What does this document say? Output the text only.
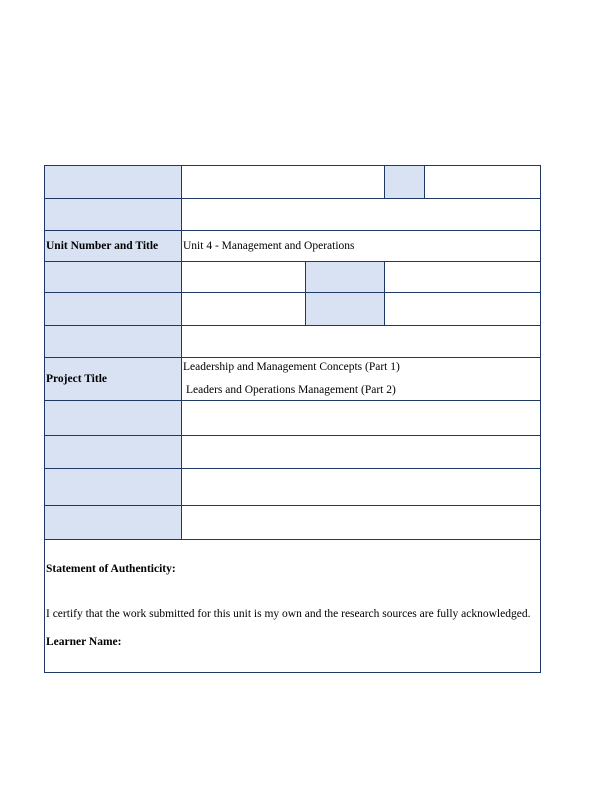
Unit Number and Title	Unit 4 - Management and Operations			

Project Title	Leadership and Management Concepts (Part 1)
Leaders and Operations Management (Part 2)			

Statement of Authenticity:
I certify that the work submitted for this unit is my own and the research sources are fully acknowledged.
Learner Name:				
